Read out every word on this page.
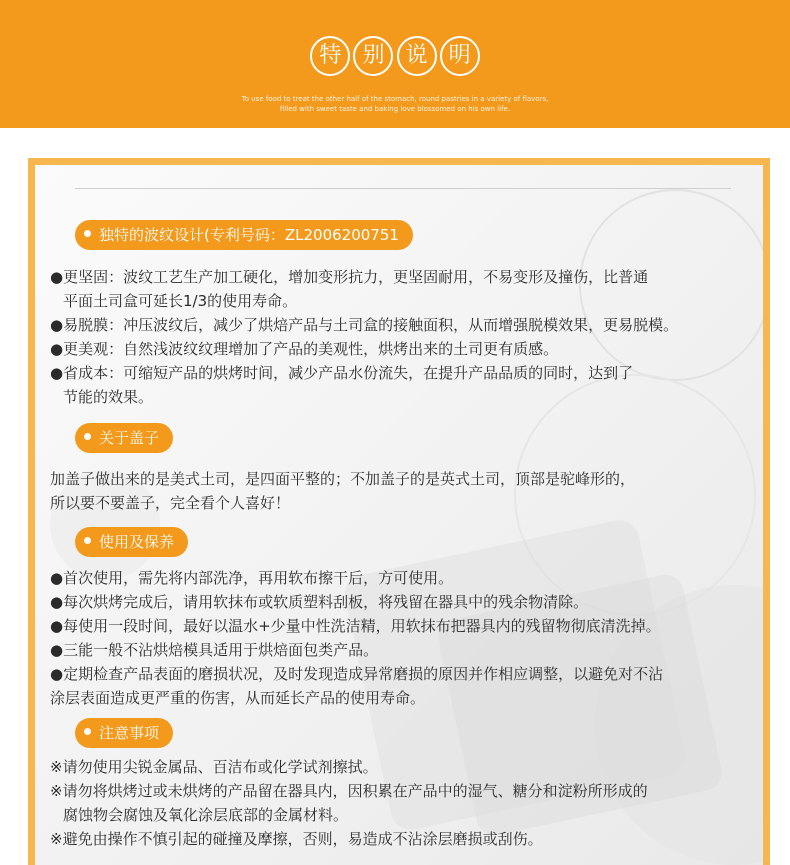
特 别 说 明
To use food to treat the other half of the stomach, round pastries in a variety of flavors,
filled with sweet taste and baking love blossomed on his own life.
独特的波纹设计(专利号码：ZL2006200751
●更坚固：波纹工艺生产加工硬化，增加变形抗力，更坚固耐用，不易变形及撞伤，比普通
平面土司盒可延长1/3的使用寿命。
●易脱膜：冲压波纹后，减少了烘焙产品与土司盒的接触面积，从而增强脱模效果，更易脱模。
●更美观：自然浅波纹纹理增加了产品的美观性，烘烤出来的土司更有质感。
●省成本：可缩短产品的烘烤时间，减少产品水份流失，在提升产品品质的同时，达到了
节能的效果。
关于盖子
加盖子做出来的是美式土司，是四面平整的；不加盖子的是英式土司，顶部是驼峰形的，
所以要不要盖子，完全看个人喜好！
使用及保养
●首次使用，需先将内部洗净，再用软布擦干后，方可使用。
●每次烘烤完成后，请用软抹布或软质塑料刮板，将残留在器具中的残余物清除。
●每使用一段时间，最好以温水+少量中性洗洁精，用软抹布把器具内的残留物彻底清洗掉。
●三能一般不沾烘焙模具适用于烘焙面包类产品。
●定期检查产品表面的磨损状况，及时发现造成异常磨损的原因并作相应调整，以避免对不沾
涂层表面造成更严重的伤害，从而延长产品的使用寿命。
注意事项
※请勿使用尖锐金属品、百洁布或化学试剂擦拭。
※请勿将烘烤过或未烘烤的产品留在器具内，因积累在产品中的湿气、糖分和淀粉所形成的
腐蚀物会腐蚀及氧化涂层底部的金属材料。
※避免由操作不慎引起的碰撞及摩擦，否则，易造成不沾涂层磨损或刮伤。
